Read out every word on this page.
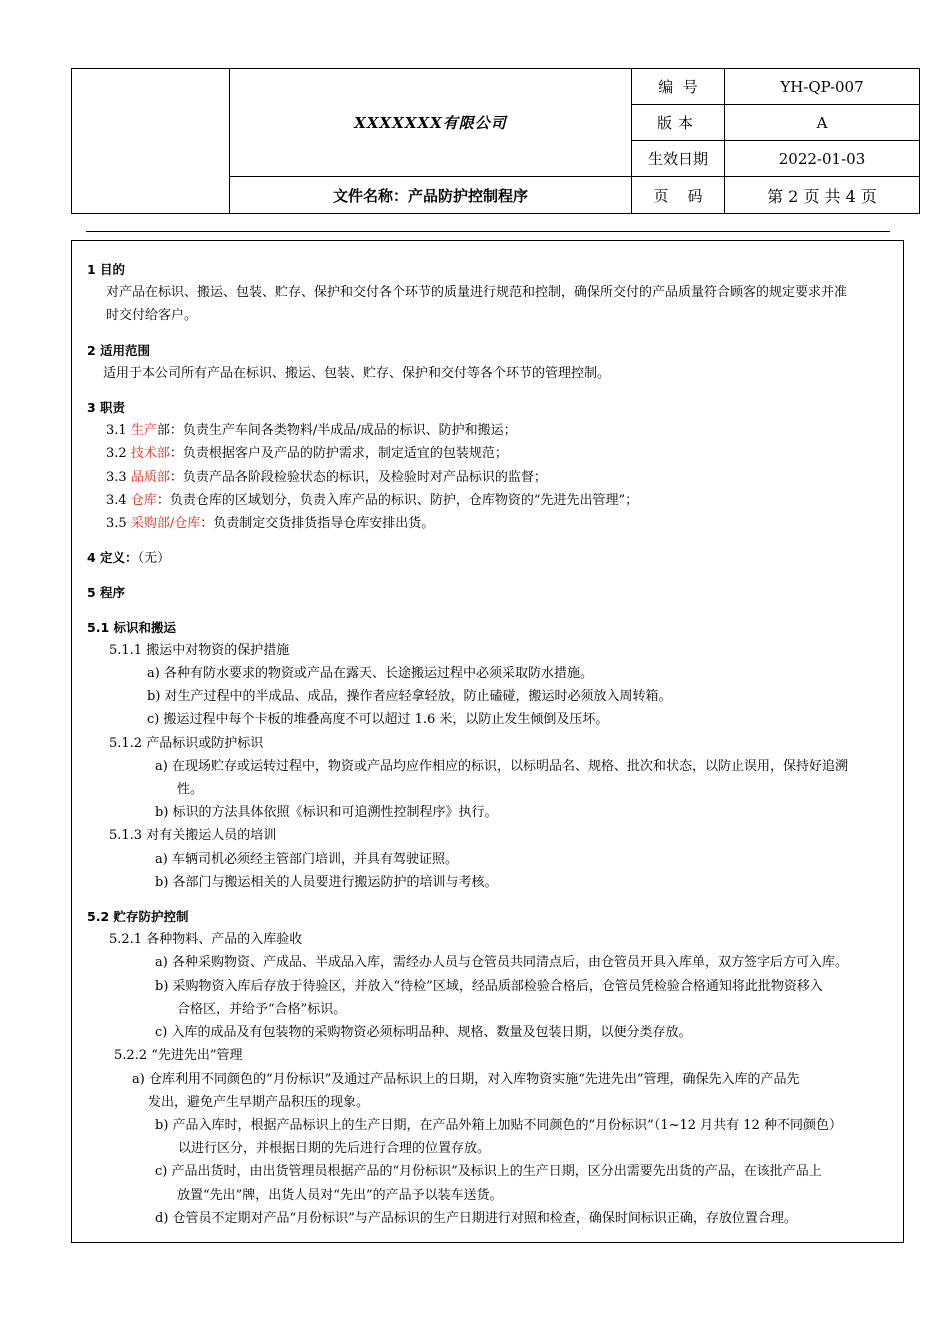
	XXXXXXX有限公司	编  号	YH-QP-007
		版本	A
		生效日期	2022-01-03
	文件名称：产品防护控制程序	页    码	第 2 页 共 4 页

1 目的

对产品在标识、搬运、包装、贮存、保护和交付各个环节的质量进行规范和控制，确保所交付的产品质量符合顾客的规定要求并准

时交付给客户。

2 适用范围

适用于本公司所有产品在标识、搬运、包装、贮存、保护和交付等各个环节的管理控制。

3 职责

3.1 生产部：负责生产车间各类物料/半成品/成品的标识、防护和搬运；

3.2 技术部：负责根据客户及产品的防护需求，制定适宜的包装规范；

3.3 品质部：负责产品各阶段检验状态的标识，及检验时对产品标识的监督；

3.4 仓库：负责仓库的区域划分，负责入库产品的标识、防护，仓库物资的“先进先出管理”；

3.5 采购部/仓库：负责制定交货排货指导仓库安排出货。

4 定义：（无）

5 程序

5.1 标识和搬运

5.1.1 搬运中对物资的保护措施

a) 各种有防水要求的物资或产品在露天、长途搬运过程中必须采取防水措施。

b) 对生产过程中的半成品、成品，操作者应轻拿轻放，防止磕碰，搬运时必须放入周转箱。

c) 搬运过程中每个卡板的堆叠高度不可以超过 1.6 米，以防止发生倾倒及压坏。

5.1.2 产品标识或防护标识

a) 在现场贮存或运转过程中，物资或产品均应作相应的标识，以标明品名、规格、批次和状态，以防止误用，保持好追溯

性。

b) 标识的方法具体依照《标识和可追溯性控制程序》执行。

5.1.3 对有关搬运人员的培训

a) 车辆司机必须经主管部门培训，并具有驾驶证照。

b) 各部门与搬运相关的人员要进行搬运防护的培训与考核。

5.2 贮存防护控制

5.2.1 各种物料、产品的入库验收

a) 各种采购物资、产成品、半成品入库，需经办人员与仓管员共同清点后，由仓管员开具入库单，双方签字后方可入库。

b) 采购物资入库后存放于待验区，并放入“待检”区域，经品质部检验合格后，仓管员凭检验合格通知将此批物资移入

合格区，并给予“合格”标识。

c) 入库的成品及有包装物的采购物资必须标明品种、规格、数量及包装日期，以便分类存放。

5.2.2 “先进先出”管理

a) 仓库利用不同颜色的“月份标识”及通过产品标识上的日期，对入库物资实施“先进先出”管理，确保先入库的产品先

发出，避免产生早期产品积压的现象。

b) 产品入库时，根据产品标识上的生产日期，在产品外箱上加贴不同颜色的“月份标识”（1~12 月共有 12 种不同颜色）

以进行区分，并根据日期的先后进行合理的位置存放。

c) 产品出货时，由出货管理员根据产品的“月份标识”及标识上的生产日期，区分出需要先出货的产品，在该批产品上

放置“先出”牌，出货人员对“先出”的产品予以装车送货。

d) 仓管员不定期对产品“月份标识”与产品标识的生产日期进行对照和检查，确保时间标识正确，存放位置合理。
